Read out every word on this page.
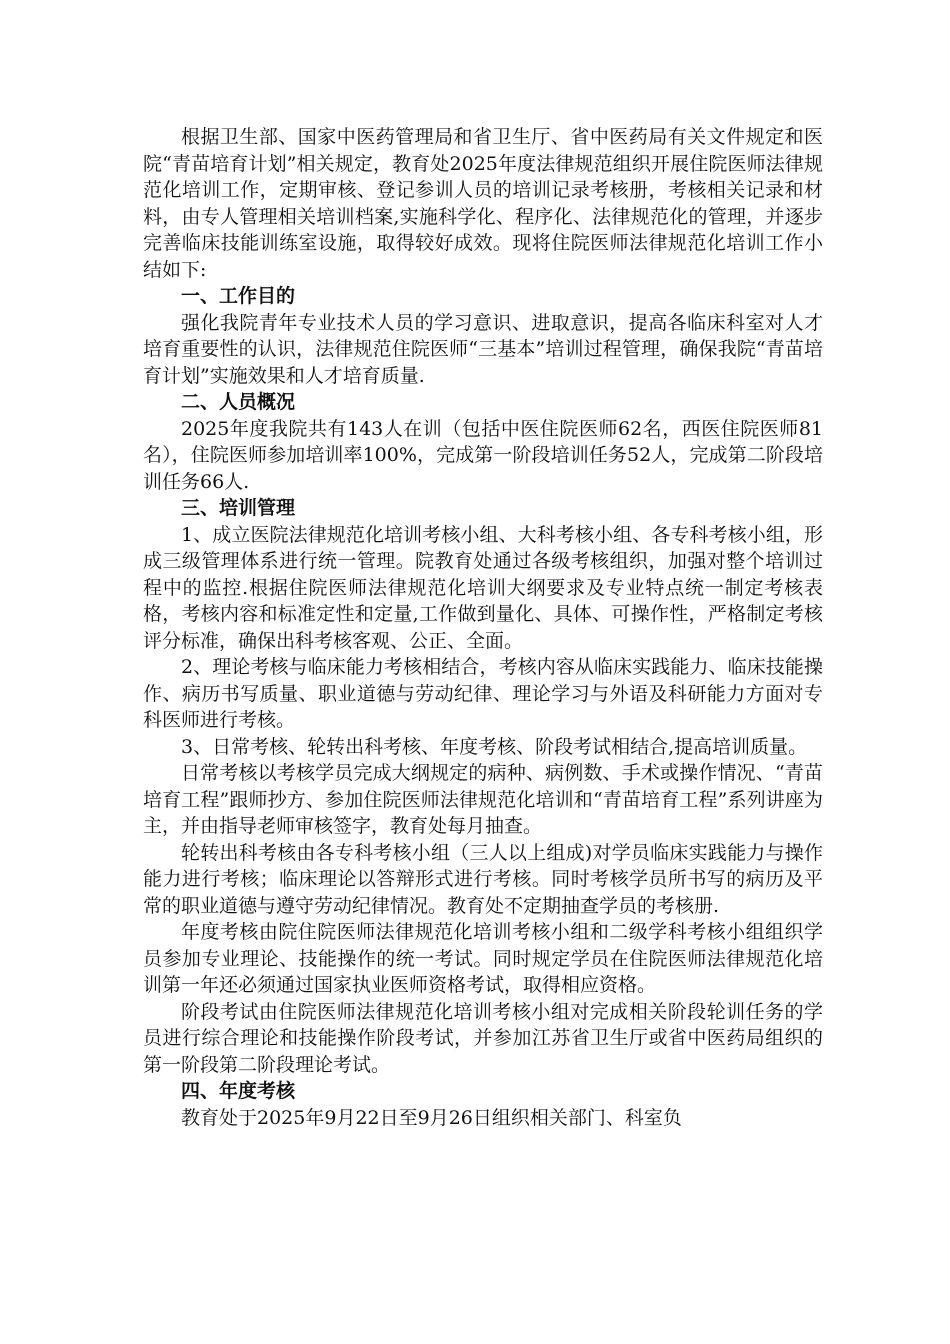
根据卫生部、国家中医药管理局和省卫生厅、省中医药局有关文件规定和医院“青苗培育计划”相关规定，教育处2025年度法律规范组织开展住院医师法律规范化培训工作，定期审核、登记参训人员的培训记录考核册，考核相关记录和材料，由专人管理相关培训档案,实施科学化、程序化、法律规范化的管理，并逐步完善临床技能训练室设施，取得较好成效。现将住院医师法律规范化培训工作小结如下:

一、工作目的

强化我院青年专业技术人员的学习意识、进取意识，提高各临床科室对人才培育重要性的认识，法律规范住院医师“三基本”培训过程管理，确保我院“青苗培育计划”实施效果和人才培育质量.

二、人员概况

2025年度我院共有143人在训（包括中医住院医师62名，西医住院医师81名），住院医师参加培训率100%，完成第一阶段培训任务52人，完成第二阶段培训任务66人.

三、培训管理

1、成立医院法律规范化培训考核小组、大科考核小组、各专科考核小组，形成三级管理体系进行统一管理。院教育处通过各级考核组织，加强对整个培训过程中的监控.根据住院医师法律规范化培训大纲要求及专业特点统一制定考核表格，考核内容和标准定性和定量,工作做到量化、具体、可操作性，严格制定考核评分标准，确保出科考核客观、公正、全面。

2、理论考核与临床能力考核相结合，考核内容从临床实践能力、临床技能操作、病历书写质量、职业道德与劳动纪律、理论学习与外语及科研能力方面对专科医师进行考核。

3、日常考核、轮转出科考核、年度考核、阶段考试相结合,提高培训质量。

日常考核以考核学员完成大纲规定的病种、病例数、手术或操作情况、“青苗培育工程”跟师抄方、参加住院医师法律规范化培训和“青苗培育工程”系列讲座为主，并由指导老师审核签字，教育处每月抽查。

轮转出科考核由各专科考核小组（三人以上组成)对学员临床实践能力与操作能力进行考核；临床理论以答辩形式进行考核。同时考核学员所书写的病历及平常的职业道德与遵守劳动纪律情况。教育处不定期抽查学员的考核册.

年度考核由院住院医师法律规范化培训考核小组和二级学科考核小组组织学员参加专业理论、技能操作的统一考试。同时规定学员在住院医师法律规范化培训第一年还必须通过国家执业医师资格考试，取得相应资格。

阶段考试由住院医师法律规范化培训考核小组对完成相关阶段轮训任务的学员进行综合理论和技能操作阶段考试，并参加江苏省卫生厅或省中医药局组织的第一阶段第二阶段理论考试。

四、年度考核

教育处于2025年9月22日至9月26日组织相关部门、科室负
